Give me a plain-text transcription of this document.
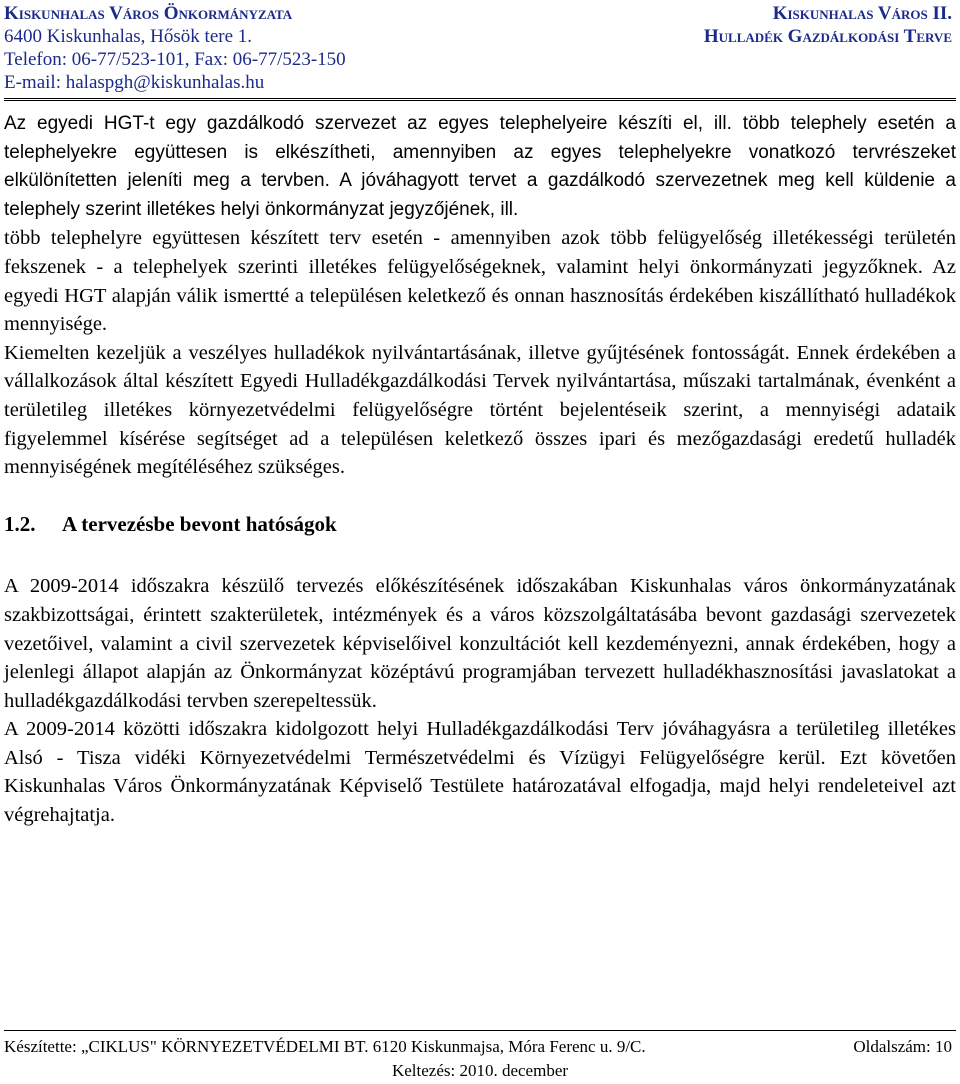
Kiskunhalas Város Önkormányzata
6400 Kiskunhalas, Hősök tere 1.
Telefon: 06-77/523-101, Fax: 06-77/523-150
E-mail: halaspgh@kiskunhalas.hu
Kiskunhalas Város II.
Hulladék Gazdálkodási Terve

Az egyedi HGT-t egy gazdálkodó szervezet az egyes telephelyeire készíti el, ill. több telephely esetén a telephelyekre együttesen is elkészítheti, amennyiben az egyes telephelyekre vonatkozó tervrészeket elkülönítetten jeleníti meg a tervben. A jóváhagyott tervet a gazdálkodó szervezetnek meg kell küldenie a telephely szerint illetékes helyi önkormányzat jegyzőjének, ill.

több telephelyre együttesen készített terv esetén - amennyiben azok több felügyelőség illetékességi területén fekszenek - a telephelyek szerinti illetékes felügyelőségeknek, valamint helyi önkormányzati jegyzőknek. Az egyedi HGT alapján válik ismertté a településen keletkező és onnan hasznosítás érdekében kiszállítható hulladékok mennyisége.

Kiemelten kezeljük a veszélyes hulladékok nyilvántartásának, illetve gyűjtésének fontosságát. Ennek érdekében a vállalkozások által készített Egyedi Hulladékgazdálkodási Tervek nyilvántartása, műszaki tartalmának, évenként a területileg illetékes környezetvédelmi felügyelőségre történt bejelentéseik szerint, a mennyiségi adataik figyelemmel kísérése segítséget ad a településen keletkező összes ipari és mezőgazdasági eredetű hulladék mennyiségének megítéléséhez szükséges.

1.2. A tervezésbe bevont hatóságok

A 2009-2014 időszakra készülő tervezés előkészítésének időszakában Kiskunhalas város önkormányzatának szakbizottságai, érintett szakterületek, intézmények és a város közszolgáltatásába bevont gazdasági szervezetek vezetőivel, valamint a civil szervezetek képviselőivel konzultációt kell kezdeményezni, annak érdekében, hogy a jelenlegi állapot alapján az Önkormányzat középtávú programjában tervezett hulladékhasznosítási javaslatokat a hulladékgazdálkodási tervben szerepeltessük.

A 2009-2014 közötti időszakra kidolgozott helyi Hulladékgazdálkodási Terv jóváhagyásra a területileg illetékes Alsó - Tisza vidéki Környezetvédelmi Természetvédelmi és Vízügyi Felügyelőségre kerül. Ezt követően Kiskunhalas Város Önkormányzatának Képviselő Testülete határozatával elfogadja, majd helyi rendeleteivel azt végrehajtatja.

Készítette: „CIKLUS" KÖRNYEZETVÉDELMI BT. 6120 Kiskunmajsa, Móra Ferenc u. 9/C.	Oldalszám: 10
Keltezés: 2010. december
